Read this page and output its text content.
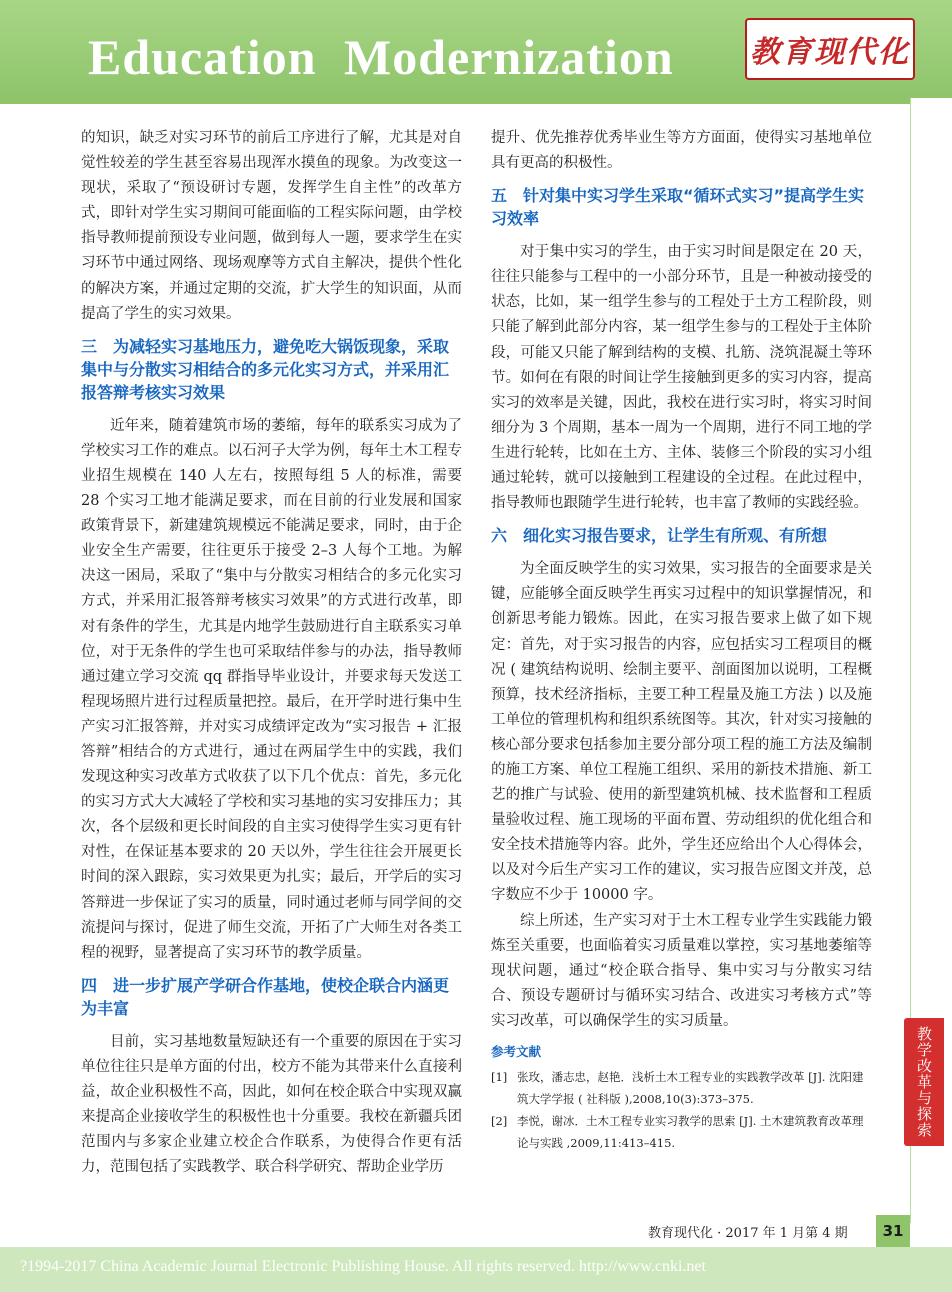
Education Modernization	教育现代化

的知识，缺乏对实习环节的前后工序进行了解，尤其是对自觉性较差的学生甚至容易出现浑水摸鱼的现象。为改变这一现状，采取了“预设研讨专题，发挥学生自主性”的改革方式，即针对学生实习期间可能面临的工程实际问题，由学校指导教师提前预设专业问题，做到每人一题，要求学生在实习环节中通过网络、现场观摩等方式自主解决，提供个性化的解决方案，并通过定期的交流，扩大学生的知识面，从而提高了学生的实习效果。

三　为减轻实习基地压力，避免吃大锅饭现象，采取集中与分散实习相结合的多元化实习方式，并采用汇报答辩考核实习效果

近年来，随着建筑市场的萎缩，每年的联系实习成为了学校实习工作的难点。以石河子大学为例，每年土木工程专业招生规模在 140 人左右，按照每组 5 人的标准，需要 28 个实习工地才能满足要求，而在目前的行业发展和国家政策背景下，新建建筑规模远不能满足要求，同时，由于企业安全生产需要，往往更乐于接受 2–3 人每个工地。为解决这一困局，采取了“集中与分散实习相结合的多元化实习方式，并采用汇报答辩考核实习效果”的方式进行改革，即对有条件的学生，尤其是内地学生鼓励进行自主联系实习单位，对于无条件的学生也可采取结伴参与的办法，指导教师通过建立学习交流 qq 群指导毕业设计，并要求每天发送工程现场照片进行过程质量把控。最后，在开学时进行集中生产实习汇报答辩，并对实习成绩评定改为“实习报告 + 汇报答辩”相结合的方式进行，通过在两届学生中的实践，我们发现这种实习改革方式收获了以下几个优点：首先，多元化的实习方式大大减轻了学校和实习基地的实习安排压力；其次，各个层级和更长时间段的自主实习使得学生实习更有针对性，在保证基本要求的 20 天以外，学生往往会开展更长时间的深入跟踪，实习效果更为扎实；最后，开学后的实习答辩进一步保证了实习的质量，同时通过老师与同学间的交流提问与探讨，促进了师生交流，开拓了广大师生对各类工程的视野，显著提高了实习环节的教学质量。

四　进一步扩展产学研合作基地，使校企联合内涵更为丰富

目前，实习基地数量短缺还有一个重要的原因在于实习单位往往只是单方面的付出，校方不能为其带来什么直接利益，故企业积极性不高，因此，如何在校企联合中实现双赢来提高企业接收学生的积极性也十分重要。我校在新疆兵团范围内与多家企业建立校企合作联系，为使得合作更有活力，范围包括了实践教学、联合科学研究、帮助企业学历

提升、优先推荐优秀毕业生等方方面面，使得实习基地单位具有更高的积极性。

五　针对集中实习学生采取“循环式实习”提高学生实习效率

对于集中实习的学生，由于实习时间是限定在 20 天，往往只能参与工程中的一小部分环节，且是一种被动接受的状态，比如，某一组学生参与的工程处于土方工程阶段，则只能了解到此部分内容，某一组学生参与的工程处于主体阶段，可能又只能了解到结构的支模、扎筋、浇筑混凝土等环节。如何在有限的时间让学生接触到更多的实习内容，提高实习的效率是关键，因此，我校在进行实习时，将实习时间细分为 3 个周期，基本一周为一个周期，进行不同工地的学生进行轮转，比如在土方、主体、装修三个阶段的实习小组通过轮转，就可以接触到工程建设的全过程。在此过程中，指导教师也跟随学生进行轮转，也丰富了教师的实践经验。

六　细化实习报告要求，让学生有所观、有所想

为全面反映学生的实习效果，实习报告的全面要求是关键，应能够全面反映学生再实习过程中的知识掌握情况，和创新思考能力锻炼。因此，在实习报告要求上做了如下规定：首先，对于实习报告的内容，应包括实习工程项目的概况 ( 建筑结构说明、绘制主要平、剖面图加以说明，工程概预算，技术经济指标，主要工种工程量及施工方法 ) 以及施工单位的管理机构和组织系统图等。其次，针对实习接触的核心部分要求包括参加主要分部分项工程的施工方法及编制的施工方案、单位工程施工组织、采用的新技术措施、新工艺的推广与试验、使用的新型建筑机械、技术监督和工程质量验收过程、施工现场的平面布置、劳动组织的优化组合和安全技术措施等内容。此外，学生还应给出个人心得体会，以及对今后生产实习工作的建议，实习报告应图文并茂，总字数应不少于 10000 字。

综上所述，生产实习对于土木工程专业学生实践能力锻炼至关重要，也面临着实习质量难以掌控，实习基地萎缩等现状问题，通过“校企联合指导、集中实习与分散实习结合、预设专题研讨与循环实习结合、改进实习考核方式”等实习改革，可以确保学生的实习质量。

参考文献
[1] 张玫，潘志忠，赵艳．浅析土木工程专业的实践教学改革 [J]. 沈阳建筑大学学报 ( 社科版 ),2008,10(3):373–375.
[2] 李悦，谢冰．土木工程专业实习教学的思索 [J]. 土木建筑教育改革理论与实践 ,2009,11:413–415.
教学改革与探索
教育现代化 · 2017 年 1 月第 4 期	31
?1994-2017 China Academic Journal Electronic Publishing House. All rights reserved. http://www.cnki.net
